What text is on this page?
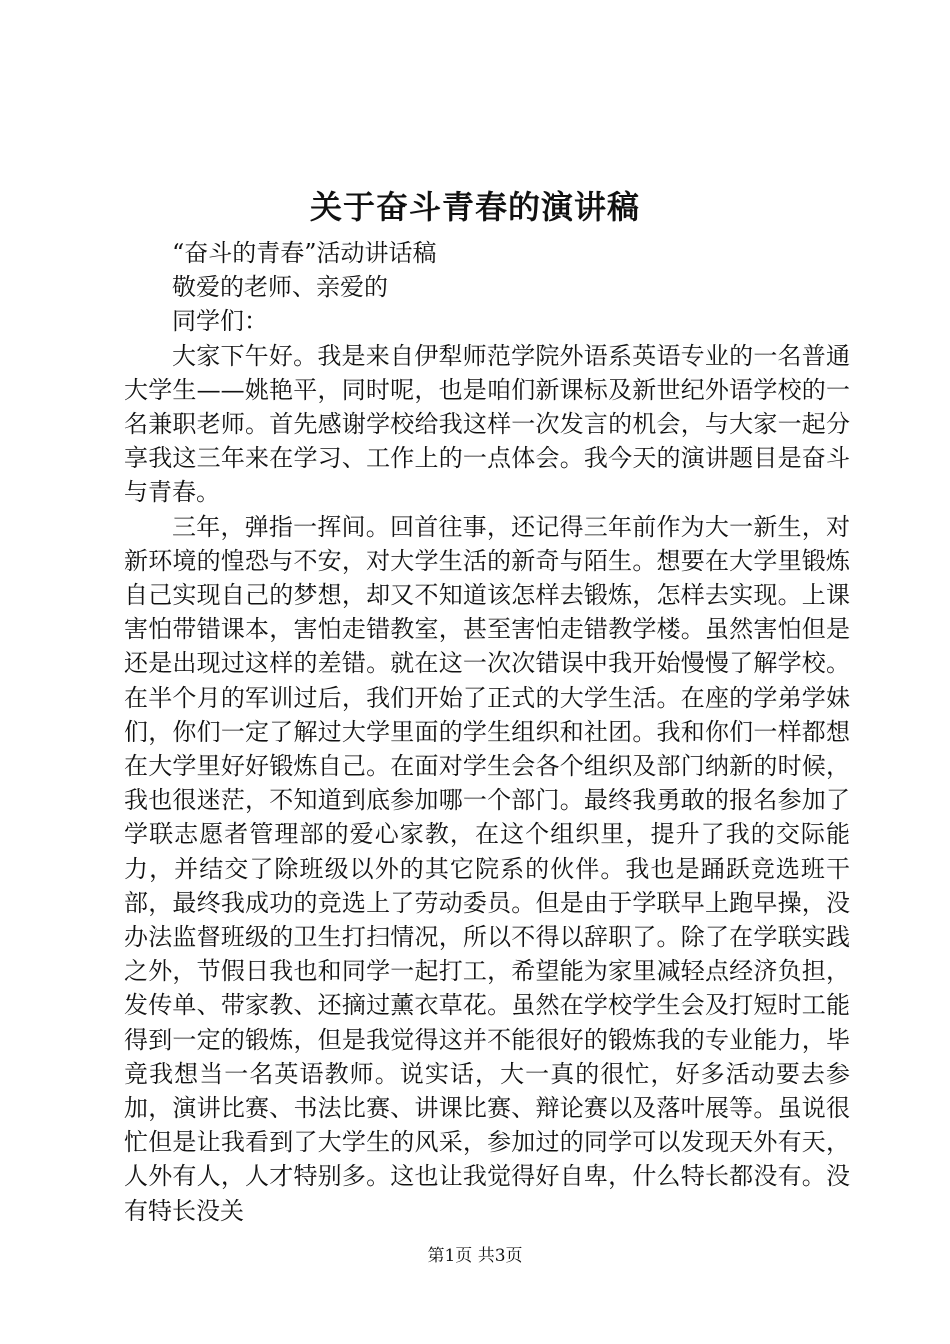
关于奋斗青春的演讲稿

“奋斗的青春”活动讲话稿

敬爱的老师、亲爱的

同学们：

大家下午好。我是来自伊犁师范学院外语系英语专业的一名普通大学生——姚艳平，同时呢，也是咱们新课标及新世纪外语学校的一名兼职老师。首先感谢学校给我这样一次发言的机会，与大家一起分享我这三年来在学习、工作上的一点体会。我今天的演讲题目是奋斗与青春。

三年，弹指一挥间。回首往事，还记得三年前作为大一新生，对新环境的惶恐与不安，对大学生活的新奇与陌生。想要在大学里锻炼自己实现自己的梦想，却又不知道该怎样去锻炼，怎样去实现。上课害怕带错课本，害怕走错教室，甚至害怕走错教学楼。虽然害怕但是还是出现过这样的差错。就在这一次次错误中我开始慢慢了解学校。在半个月的军训过后，我们开始了正式的大学生活。在座的学弟学妹们，你们一定了解过大学里面的学生组织和社团。我和你们一样都想在大学里好好锻炼自己。在面对学生会各个组织及部门纳新的时候，我也很迷茫，不知道到底参加哪一个部门。最终我勇敢的报名参加了学联志愿者管理部的爱心家教，在这个组织里，提升了我的交际能力，并结交了除班级以外的其它院系的伙伴。我也是踊跃竞选班干部，最终我成功的竞选上了劳动委员。但是由于学联早上跑早操，没办法监督班级的卫生打扫情况，所以不得以辞职了。除了在学联实践之外，节假日我也和同学一起打工，希望能为家里减轻点经济负担，发传单、带家教、还摘过薰衣草花。虽然在学校学生会及打短时工能得到一定的锻炼，但是我觉得这并不能很好的锻炼我的专业能力，毕竟我想当一名英语教师。说实话，大一真的很忙，好多活动要去参加，演讲比赛、书法比赛、讲课比赛、辩论赛以及落叶展等。虽说很忙但是让我看到了大学生的风采，参加过的同学可以发现天外有天，人外有人，人才特别多。这也让我觉得好自卑，什么特长都没有。没有特长没关

第1页 共3页
